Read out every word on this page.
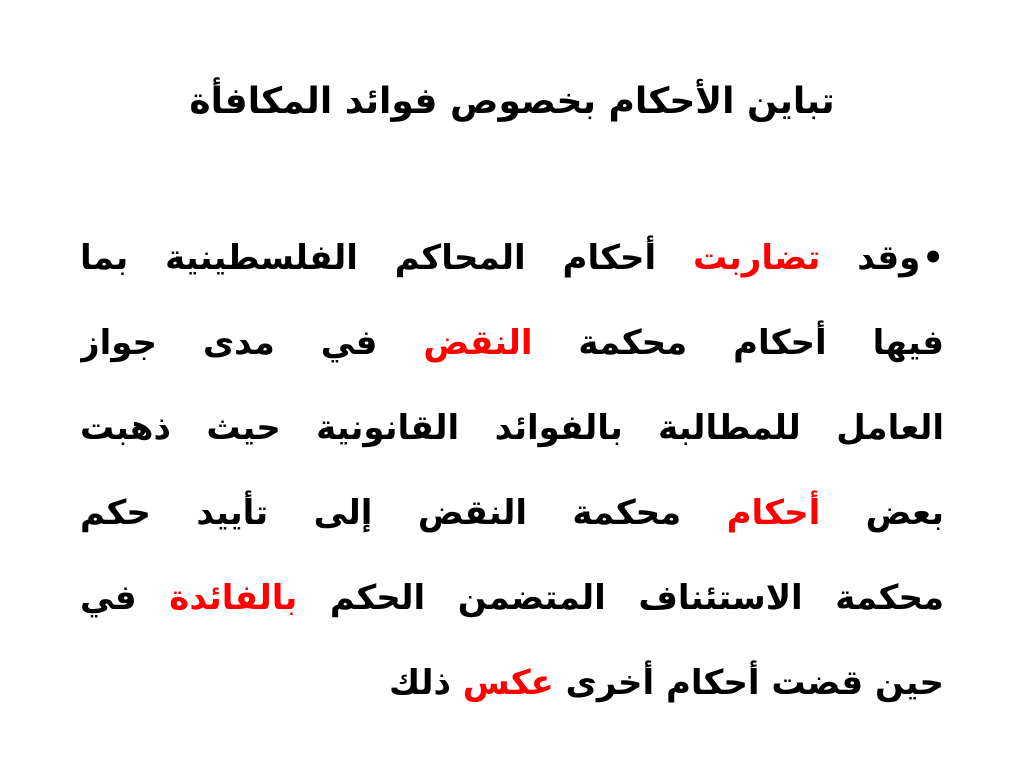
تباين الأحكام بخصوص فوائد المكافأة
•وقد تضاربت أحكام المحاكم الفلسطينية بما
فيها أحكام محكمة النقض في مدى جواز
العامل للمطالبة بالفوائد القانونية حيث ذهبت
بعض أحكام محكمة النقض إلى تأييد حكم
محكمة الاستئناف المتضمن الحكم بالفائدة في
حين قضت أحكام أخرى عكس ذلك
